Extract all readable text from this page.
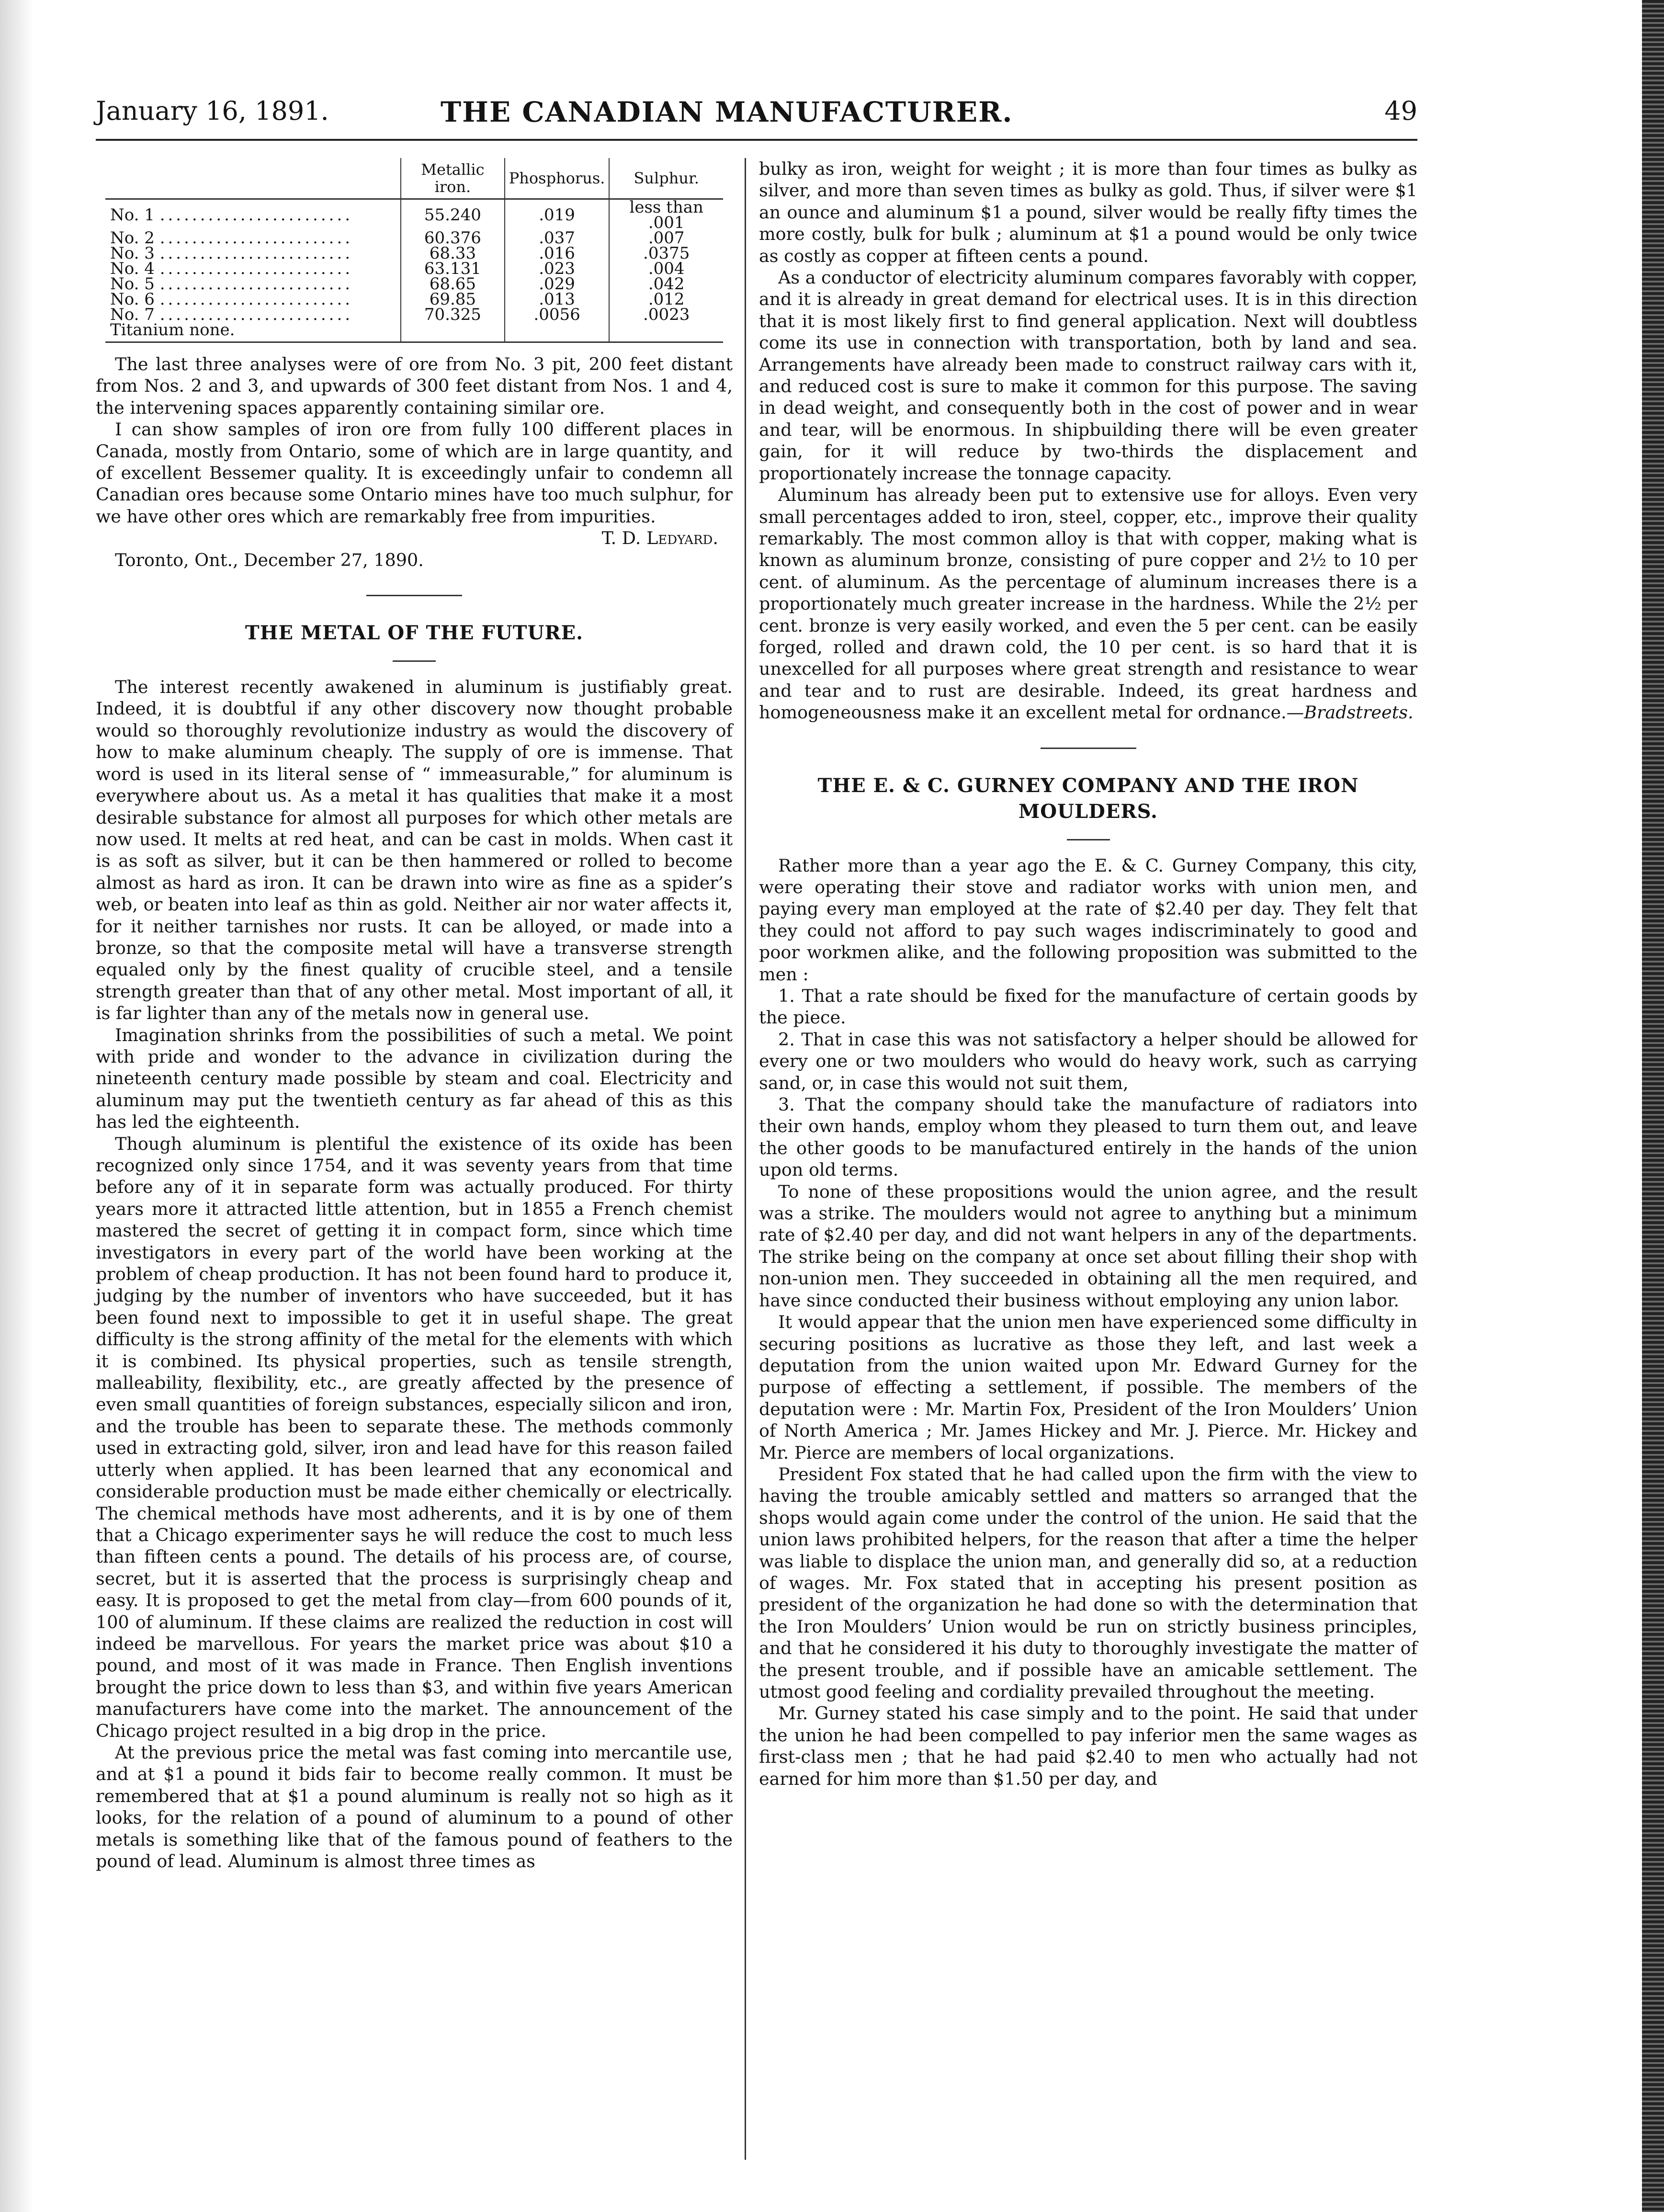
January 16, 1891.	THE CANADIAN MANUFACTURER.	49
	Metallic iron.	Phosphorus.	Sulphur.
No. 1 ........................	55.240	.019	less than .001
No. 2 ........................	60.376	.037	.007
No. 3 ........................	68.33	.016	.0375
No. 4 ........................	63.131	.023	.004
No. 5 ........................	68.65	.029	.042
No. 6 ........................	69.85	.013	.012
No. 7 ........................	70.325	.0056	.0023
Titanium none.			

The last three analyses were of ore from No. 3 pit, 200 feet distant from Nos. 2 and 3, and upwards of 300 feet distant from Nos. 1 and 4, the intervening spaces apparently containing similar ore.

I can show samples of iron ore from fully 100 different places in Canada, mostly from Ontario, some of which are in large quantity, and of excellent Bessemer quality. It is exceedingly unfair to condemn all Canadian ores because some Ontario mines have too much sulphur, for we have other ores which are remarkably free from impurities.

T. D. Ledyard.

Toronto, Ont., December 27, 1890.

THE METAL OF THE FUTURE.

The interest recently awakened in aluminum is justifiably great. Indeed, it is doubtful if any other discovery now thought probable would so thoroughly revolutionize industry as would the discovery of how to make aluminum cheaply. The supply of ore is immense. That word is used in its literal sense of “ immeasurable,” for aluminum is everywhere about us. As a metal it has qualities that make it a most desirable substance for almost all purposes for which other metals are now used. It melts at red heat, and can be cast in molds. When cast it is as soft as silver, but it can be then hammered or rolled to become almost as hard as iron. It can be drawn into wire as fine as a spider’s web, or beaten into leaf as thin as gold. Neither air nor water affects it, for it neither tarnishes nor rusts. It can be alloyed, or made into a bronze, so that the composite metal will have a transverse strength equaled only by the finest quality of crucible steel, and a tensile strength greater than that of any other metal. Most important of all, it is far lighter than any of the metals now in general use.

Imagination shrinks from the possibilities of such a metal. We point with pride and wonder to the advance in civilization during the nineteenth century made possible by steam and coal. Electricity and aluminum may put the twentieth century as far ahead of this as this has led the eighteenth.

Though aluminum is plentiful the existence of its oxide has been recognized only since 1754, and it was seventy years from that time before any of it in separate form was actually produced. For thirty years more it attracted little attention, but in 1855 a French chemist mastered the secret of getting it in compact form, since which time investigators in every part of the world have been working at the problem of cheap production. It has not been found hard to produce it, judging by the number of inventors who have succeeded, but it has been found next to impossible to get it in useful shape. The great difficulty is the strong affinity of the metal for the elements with which it is combined. Its physical properties, such as tensile strength, malleability, flexibility, etc., are greatly affected by the presence of even small quantities of foreign substances, especially silicon and iron, and the trouble has been to separate these. The methods commonly used in extracting gold, silver, iron and lead have for this reason failed utterly when applied. It has been learned that any economical and considerable production must be made either chemically or electrically. The chemical methods have most adherents, and it is by one of them that a Chicago experimenter says he will reduce the cost to much less than fifteen cents a pound. The details of his process are, of course, secret, but it is asserted that the process is surprisingly cheap and easy. It is proposed to get the metal from clay—from 600 pounds of it, 100 of aluminum. If these claims are realized the reduction in cost will indeed be marvellous. For years the market price was about $10 a pound, and most of it was made in France. Then English inventions brought the price down to less than $3, and within five years American manufacturers have come into the market. The announcement of the Chicago project resulted in a big drop in the price.

At the previous price the metal was fast coming into mercantile use, and at $1 a pound it bids fair to become really common. It must be remembered that at $1 a pound aluminum is really not so high as it looks, for the relation of a pound of aluminum to a pound of other metals is something like that of the famous pound of feathers to the pound of lead. Aluminum is almost three times as

bulky as iron, weight for weight ; it is more than four times as bulky as silver, and more than seven times as bulky as gold. Thus, if silver were $1 an ounce and aluminum $1 a pound, silver would be really fifty times the more costly, bulk for bulk ; aluminum at $1 a pound would be only twice as costly as copper at fifteen cents a pound.

As a conductor of electricity aluminum compares favorably with copper, and it is already in great demand for electrical uses. It is in this direction that it is most likely first to find general application. Next will doubtless come its use in connection with transportation, both by land and sea. Arrangements have already been made to construct railway cars with it, and reduced cost is sure to make it common for this purpose. The saving in dead weight, and consequently both in the cost of power and in wear and tear, will be enormous. In shipbuilding there will be even greater gain, for it will reduce by two-thirds the displacement and proportionately increase the tonnage capacity.

Aluminum has already been put to extensive use for alloys. Even very small percentages added to iron, steel, copper, etc., improve their quality remarkably. The most common alloy is that with copper, making what is known as aluminum bronze, consisting of pure copper and 2½ to 10 per cent. of aluminum. As the percentage of aluminum increases there is a proportionately much greater increase in the hardness. While the 2½ per cent. bronze is very easily worked, and even the 5 per cent. can be easily forged, rolled and drawn cold, the 10 per cent. is so hard that it is unexcelled for all purposes where great strength and resistance to wear and tear and to rust are desirable. Indeed, its great hardness and homogeneousness make it an excellent metal for ordnance.—Bradstreets.

THE E. & C. GURNEY COMPANY AND THE IRON MOULDERS.

Rather more than a year ago the E. & C. Gurney Company, this city, were operating their stove and radiator works with union men, and paying every man employed at the rate of $2.40 per day. They felt that they could not afford to pay such wages indiscriminately to good and poor workmen alike, and the following proposition was submitted to the men :

1. That a rate should be fixed for the manufacture of certain goods by the piece.

2. That in case this was not satisfactory a helper should be allowed for every one or two moulders who would do heavy work, such as carrying sand, or, in case this would not suit them,

3. That the company should take the manufacture of radiators into their own hands, employ whom they pleased to turn them out, and leave the other goods to be manufactured entirely in the hands of the union upon old terms.

To none of these propositions would the union agree, and the result was a strike. The moulders would not agree to anything but a minimum rate of $2.40 per day, and did not want helpers in any of the departments. The strike being on the company at once set about filling their shop with non-union men. They succeeded in obtaining all the men required, and have since conducted their business without employing any union labor.

It would appear that the union men have experienced some difficulty in securing positions as lucrative as those they left, and last week a deputation from the union waited upon Mr. Edward Gurney for the purpose of effecting a settlement, if possible. The members of the deputation were : Mr. Martin Fox, President of the Iron Moulders’ Union of North America ; Mr. James Hickey and Mr. J. Pierce. Mr. Hickey and Mr. Pierce are members of local organizations.

President Fox stated that he had called upon the firm with the view to having the trouble amicably settled and matters so arranged that the shops would again come under the control of the union. He said that the union laws prohibited helpers, for the reason that after a time the helper was liable to displace the union man, and generally did so, at a reduction of wages. Mr. Fox stated that in accepting his present position as president of the organization he had done so with the determination that the Iron Moulders’ Union would be run on strictly business principles, and that he considered it his duty to thoroughly investigate the matter of the present trouble, and if possible have an amicable settlement. The utmost good feeling and cordiality prevailed throughout the meeting.

Mr. Gurney stated his case simply and to the point. He said that under the union he had been compelled to pay inferior men the same wages as first-class men ; that he had paid $2.40 to men who actually had not earned for him more than $1.50 per day, and
